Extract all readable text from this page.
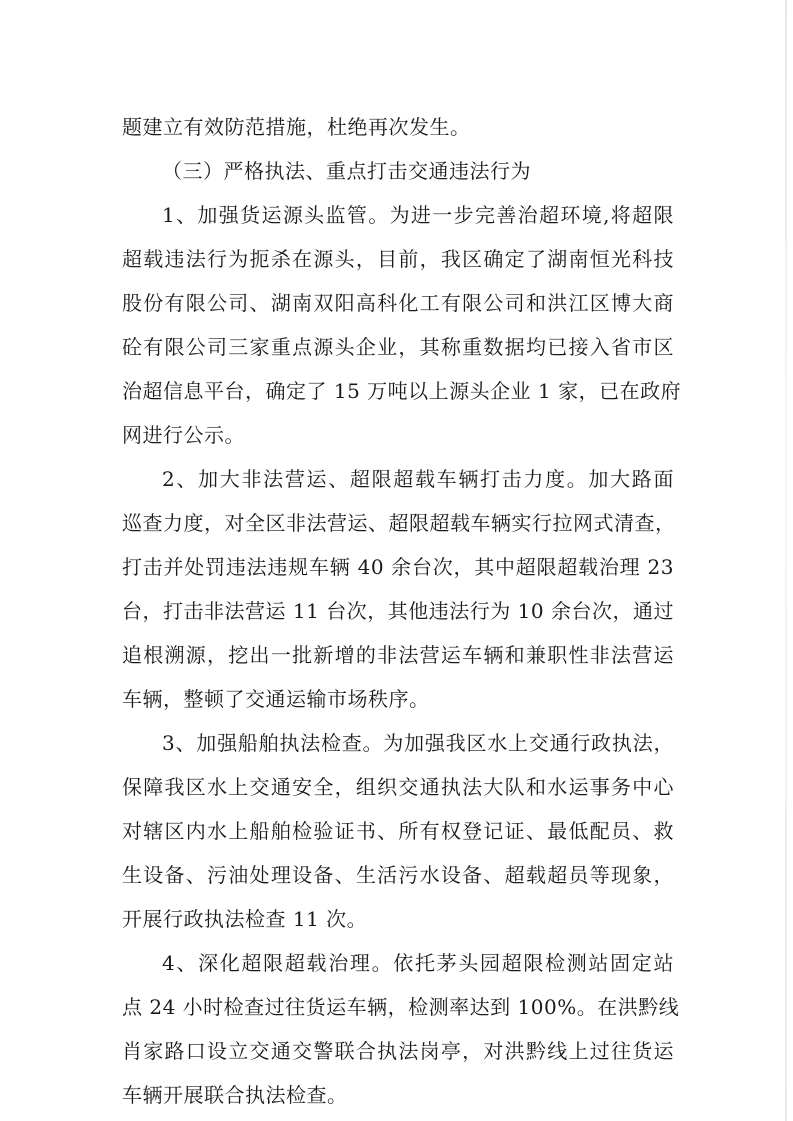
题建立有效防范措施，杜绝再次发生。
（三）严格执法、重点打击交通违法行为
1、加强货运源头监管。为进一步完善治超环境,将超限
超载违法行为扼杀在源头，目前，我区确定了湖南恒光科技
股份有限公司、湖南双阳高科化工有限公司和洪江区博大商
砼有限公司三家重点源头企业，其称重数据均已接入省市区
治超信息平台，确定了 15 万吨以上源头企业 1 家，已在政府
网进行公示。
2、加大非法营运、超限超载车辆打击力度。加大路面
巡查力度，对全区非法营运、超限超载车辆实行拉网式清查，
打击并处罚违法违规车辆 40 余台次，其中超限超载治理 23
台，打击非法营运 11 台次，其他违法行为 10 余台次，通过
追根溯源，挖出一批新增的非法营运车辆和兼职性非法营运
车辆，整顿了交通运输市场秩序。
3、加强船舶执法检查。为加强我区水上交通行政执法，
保障我区水上交通安全，组织交通执法大队和水运事务中心
对辖区内水上船舶检验证书、所有权登记证、最低配员、救
生设备、污油处理设备、生活污水设备、超载超员等现象，
开展行政执法检查 11 次。
4、深化超限超载治理。依托茅头园超限检测站固定站
点 24 小时检查过往货运车辆，检测率达到 100%。在洪黔线
肖家路口设立交通交警联合执法岗亭，对洪黔线上过往货运
车辆开展联合执法检查。
